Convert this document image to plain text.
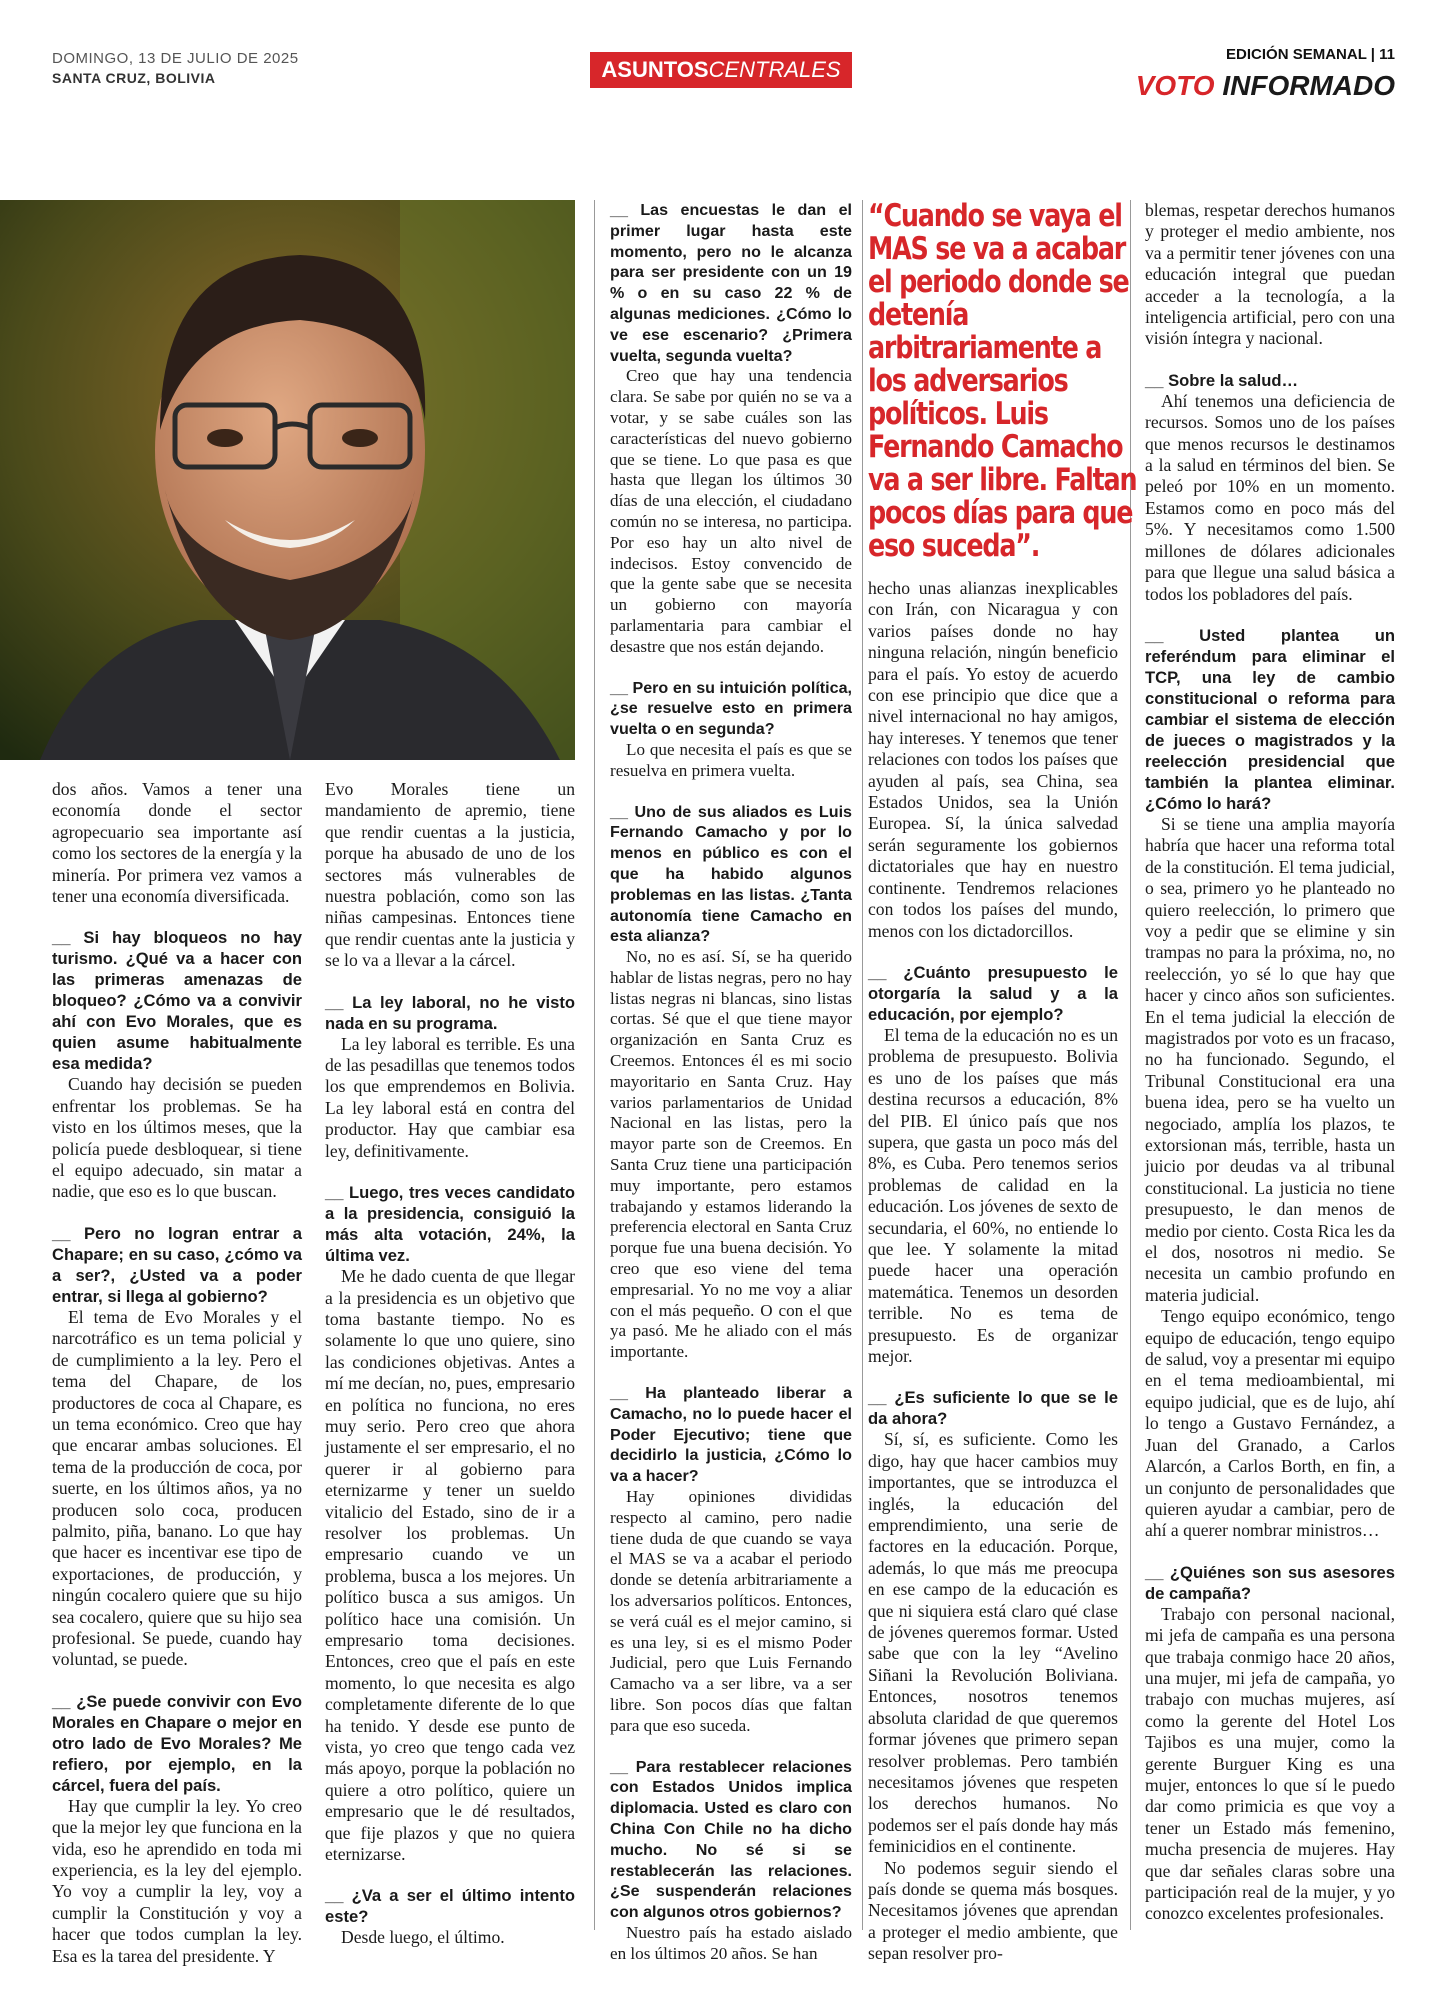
DOMINGO, 13 DE JULIO DE 2025
SANTA CRUZ, BOLIVIA	ASUNTOSCENTRALES
EDICIÓN SEMANAL | 11
VOTO INFORMADO
“Cuando se vaya el MAS se va a acabar el periodo donde se detenía arbitrariamente a los adversarios políticos. Luis Fernando Camacho va a ser libre. Faltan pocos días para que eso suceda”.

dos años. Vamos a tener una economía donde el sector agropecuario sea importante así como los sectores de la energía y la minería. Por primera vez vamos a tener una economía diversificada.

__ Si hay bloqueos no hay turismo. ¿Qué va a hacer con las primeras amenazas de bloqueo? ¿Cómo va a convivir ahí con Evo Morales, que es quien asume habitualmente esa medida?

Cuando hay decisión se pueden enfrentar los problemas. Se ha visto en los últimos meses, que la policía puede desbloquear, si tiene el equipo adecuado, sin matar a nadie, que eso es lo que buscan.

__ Pero no logran entrar a Chapare; en su caso, ¿cómo va a ser?, ¿Usted va a poder entrar, si llega al gobierno?

El tema de Evo Morales y el narcotráfico es un tema policial y de cumplimiento a la ley. Pero el tema del Chapare, de los productores de coca al Chapare, es un tema económico. Creo que hay que encarar ambas soluciones. El tema de la producción de coca, por suerte, en los últimos años, ya no producen solo coca, producen palmito, piña, banano. Lo que hay que hacer es incentivar ese tipo de exportaciones, de producción, y ningún cocalero quiere que su hijo sea cocalero, quiere que su hijo sea profesional. Se puede, cuando hay voluntad, se puede.

__ ¿Se puede convivir con Evo Morales en Chapare o mejor en otro lado de Evo Morales? Me refiero, por ejemplo, en la cárcel, fuera del país.

Hay que cumplir la ley. Yo creo que la mejor ley que funciona en la vida, eso he aprendido en toda mi experiencia, es la ley del ejemplo. Yo voy a cumplir la ley, voy a cumplir la Constitución y voy a hacer que todos cumplan la ley. Esa es la tarea del presidente. Y

Evo Morales tiene un mandamiento de apremio, tiene que rendir cuentas a la justicia, porque ha abusado de uno de los sectores más vulnerables de nuestra población, como son las niñas campesinas. Entonces tiene que rendir cuentas ante la justicia y se lo va a llevar a la cárcel.

__ La ley laboral, no he visto nada en su programa.

La ley laboral es terrible. Es una de las pesadillas que tenemos todos los que emprendemos en Bolivia. La ley laboral está en contra del productor. Hay que cambiar esa ley, definitivamente.

__ Luego, tres veces candidato a la presidencia, consiguió la más alta votación, 24%, la última vez.

Me he dado cuenta de que llegar a la presidencia es un objetivo que toma bastante tiempo. No es solamente lo que uno quiere, sino las condiciones objetivas. Antes a mí me decían, no, pues, empresario en política no funciona, no eres muy serio. Pero creo que ahora justamente el ser empresario, el no querer ir al gobierno para eternizarme y tener un sueldo vitalicio del Estado, sino de ir a resolver los problemas. Un empresario cuando ve un problema, busca a los mejores. Un político busca a sus amigos. Un político hace una comisión. Un empresario toma decisiones. Entonces, creo que el país en este momento, lo que necesita es algo completamente diferente de lo que ha tenido. Y desde ese punto de vista, yo creo que tengo cada vez más apoyo, porque la población no quiere a otro político, quiere un empresario que le dé resultados, que fije plazos y que no quiera eternizarse.

__ ¿Va a ser el último intento este?

Desde luego, el último.

__ Las encuestas le dan el primer lugar hasta este momento, pero no le alcanza para ser presidente con un 19 % o en su caso 22 % de algunas mediciones. ¿Cómo lo ve ese escenario? ¿Primera vuelta, segunda vuelta?

Creo que hay una tendencia clara. Se sabe por quién no se va a votar, y se sabe cuáles son las características del nuevo gobierno que se tiene. Lo que pasa es que hasta que llegan los últimos 30 días de una elección, el ciudadano común no se interesa, no participa. Por eso hay un alto nivel de indecisos. Estoy convencido de que la gente sabe que se necesita un gobierno con mayoría parlamentaria para cambiar el desastre que nos están dejando.

__ Pero en su intuición política, ¿se resuelve esto en primera vuelta o en segunda?

Lo que necesita el país es que se resuelva en primera vuelta.

__ Uno de sus aliados es Luis Fernando Camacho y por lo menos en público es con el que ha habido algunos problemas en las listas. ¿Tanta autonomía tiene Camacho en esta alianza?

No, no es así. Sí, se ha querido hablar de listas negras, pero no hay listas negras ni blancas, sino listas cortas. Sé que el que tiene mayor organización en Santa Cruz es Creemos. Entonces él es mi socio mayoritario en Santa Cruz. Hay varios parlamentarios de Unidad Nacional en las listas, pero la mayor parte son de Creemos. En Santa Cruz tiene una participación muy importante, pero estamos trabajando y estamos liderando la preferencia electoral en Santa Cruz porque fue una buena decisión. Yo creo que eso viene del tema empresarial. Yo no me voy a aliar con el más pequeño. O con el que ya pasó. Me he aliado con el más importante.

__ Ha planteado liberar a Camacho, no lo puede hacer el Poder Ejecutivo; tiene que decidirlo la justicia, ¿Cómo lo va a hacer?

Hay opiniones divididas respecto al camino, pero nadie tiene duda de que cuando se vaya el MAS se va a acabar el periodo donde se detenía arbitrariamente a los adversarios políticos. Entonces, se verá cuál es el mejor camino, si es una ley, si es el mismo Poder Judicial, pero que Luis Fernando Camacho va a ser libre, va a ser libre. Son pocos días que faltan para que eso suceda.

__ Para restablecer relaciones con Estados Unidos implica diplomacia. Usted es claro con China Con Chile no ha dicho mucho. No sé si se restablecerán las relaciones. ¿Se suspenderán relaciones con algunos otros gobiernos?

Nuestro país ha estado aislado en los últimos 20 años. Se han

hecho unas alianzas inexplicables con Irán, con Nicaragua y con varios países donde no hay ninguna relación, ningún beneficio para el país. Yo estoy de acuerdo con ese principio que dice que a nivel internacional no hay amigos, hay intereses. Y tenemos que tener relaciones con todos los países que ayuden al país, sea China, sea Estados Unidos, sea la Unión Europea. Sí, la única salvedad serán seguramente los gobiernos dictatoriales que hay en nuestro continente. Tendremos relaciones con todos los países del mundo, menos con los dictadorcillos.

__ ¿Cuánto presupuesto le otorgaría la salud y a la educación, por ejemplo?

El tema de la educación no es un problema de presupuesto. Bolivia es uno de los países que más destina recursos a educación, 8% del PIB. El único país que nos supera, que gasta un poco más del 8%, es Cuba. Pero tenemos serios problemas de calidad en la educación. Los jóvenes de sexto de secundaria, el 60%, no entiende lo que lee. Y solamente la mitad puede hacer una operación matemática. Tenemos un desorden terrible. No es tema de presupuesto. Es de organizar mejor.

__ ¿Es suficiente lo que se le da ahora?

Sí, sí, es suficiente. Como les digo, hay que hacer cambios muy importantes, que se introduzca el inglés, la educación del emprendimiento, una serie de factores en la educación. Porque, además, lo que más me preocupa en ese campo de la educación es que ni siquiera está claro qué clase de jóvenes queremos formar. Usted sabe que con la ley “Avelino Siñani la Revolución Boliviana. Entonces, nosotros tenemos absoluta claridad de que queremos formar jóvenes que primero sepan resolver problemas. Pero también necesitamos jóvenes que respeten los derechos humanos. No podemos ser el país donde hay más feminicidios en el continente.

No podemos seguir siendo el país donde se quema más bosques. Necesitamos jóvenes que aprendan a proteger el medio ambiente, que sepan resolver pro-

blemas, respetar derechos humanos y proteger el medio ambiente, nos va a permitir tener jóvenes con una educación integral que puedan acceder a la tecnología, a la inteligencia artificial, pero con una visión íntegra y nacional.

__ Sobre la salud…

Ahí tenemos una deficiencia de recursos. Somos uno de los países que menos recursos le destinamos a la salud en términos del bien. Se peleó por 10% en un momento. Estamos como en poco más del 5%. Y necesitamos como 1.500 millones de dólares adicionales para que llegue una salud básica a todos los pobladores del país.

__ Usted plantea un referéndum para eliminar el TCP, una ley de cambio constitucional o reforma para cambiar el sistema de elección de jueces o magistrados y la reelección presidencial que también la plantea eliminar. ¿Cómo lo hará?

Si se tiene una amplia mayoría habría que hacer una reforma total de la constitución. El tema judicial, o sea, primero yo he planteado no quiero reelección, lo primero que voy a pedir que se elimine y sin trampas no para la próxima, no, no reelección, yo sé lo que hay que hacer y cinco años son suficientes. En el tema judicial la elección de magistrados por voto es un fracaso, no ha funcionado. Segundo, el Tribunal Constitucional era una buena idea, pero se ha vuelto un negociado, amplía los plazos, te extorsionan más, terrible, hasta un juicio por deudas va al tribunal constitucional. La justicia no tiene presupuesto, le dan menos de medio por ciento. Costa Rica les da el dos, nosotros ni medio. Se necesita un cambio profundo en materia judicial.

Tengo equipo económico, tengo equipo de educación, tengo equipo de salud, voy a presentar mi equipo en el tema medioambiental, mi equipo judicial, que es de lujo, ahí lo tengo a Gustavo Fernández, a Juan del Granado, a Carlos Alarcón, a Carlos Borth, en fin, a un conjunto de personalidades que quieren ayudar a cambiar, pero de ahí a querer nombrar ministros…

__ ¿Quiénes son sus asesores de campaña?

Trabajo con personal nacional, mi jefa de campaña es una persona que trabaja conmigo hace 20 años, una mujer, mi jefa de campaña, yo trabajo con muchas mujeres, así como la gerente del Hotel Los Tajibos es una mujer, como la gerente Burguer King es una mujer, entonces lo que sí le puedo dar como primicia es que voy a tener un Estado más femenino, mucha presencia de mujeres. Hay que dar señales claras sobre una participación real de la mujer, y yo conozco excelentes profesionales.
